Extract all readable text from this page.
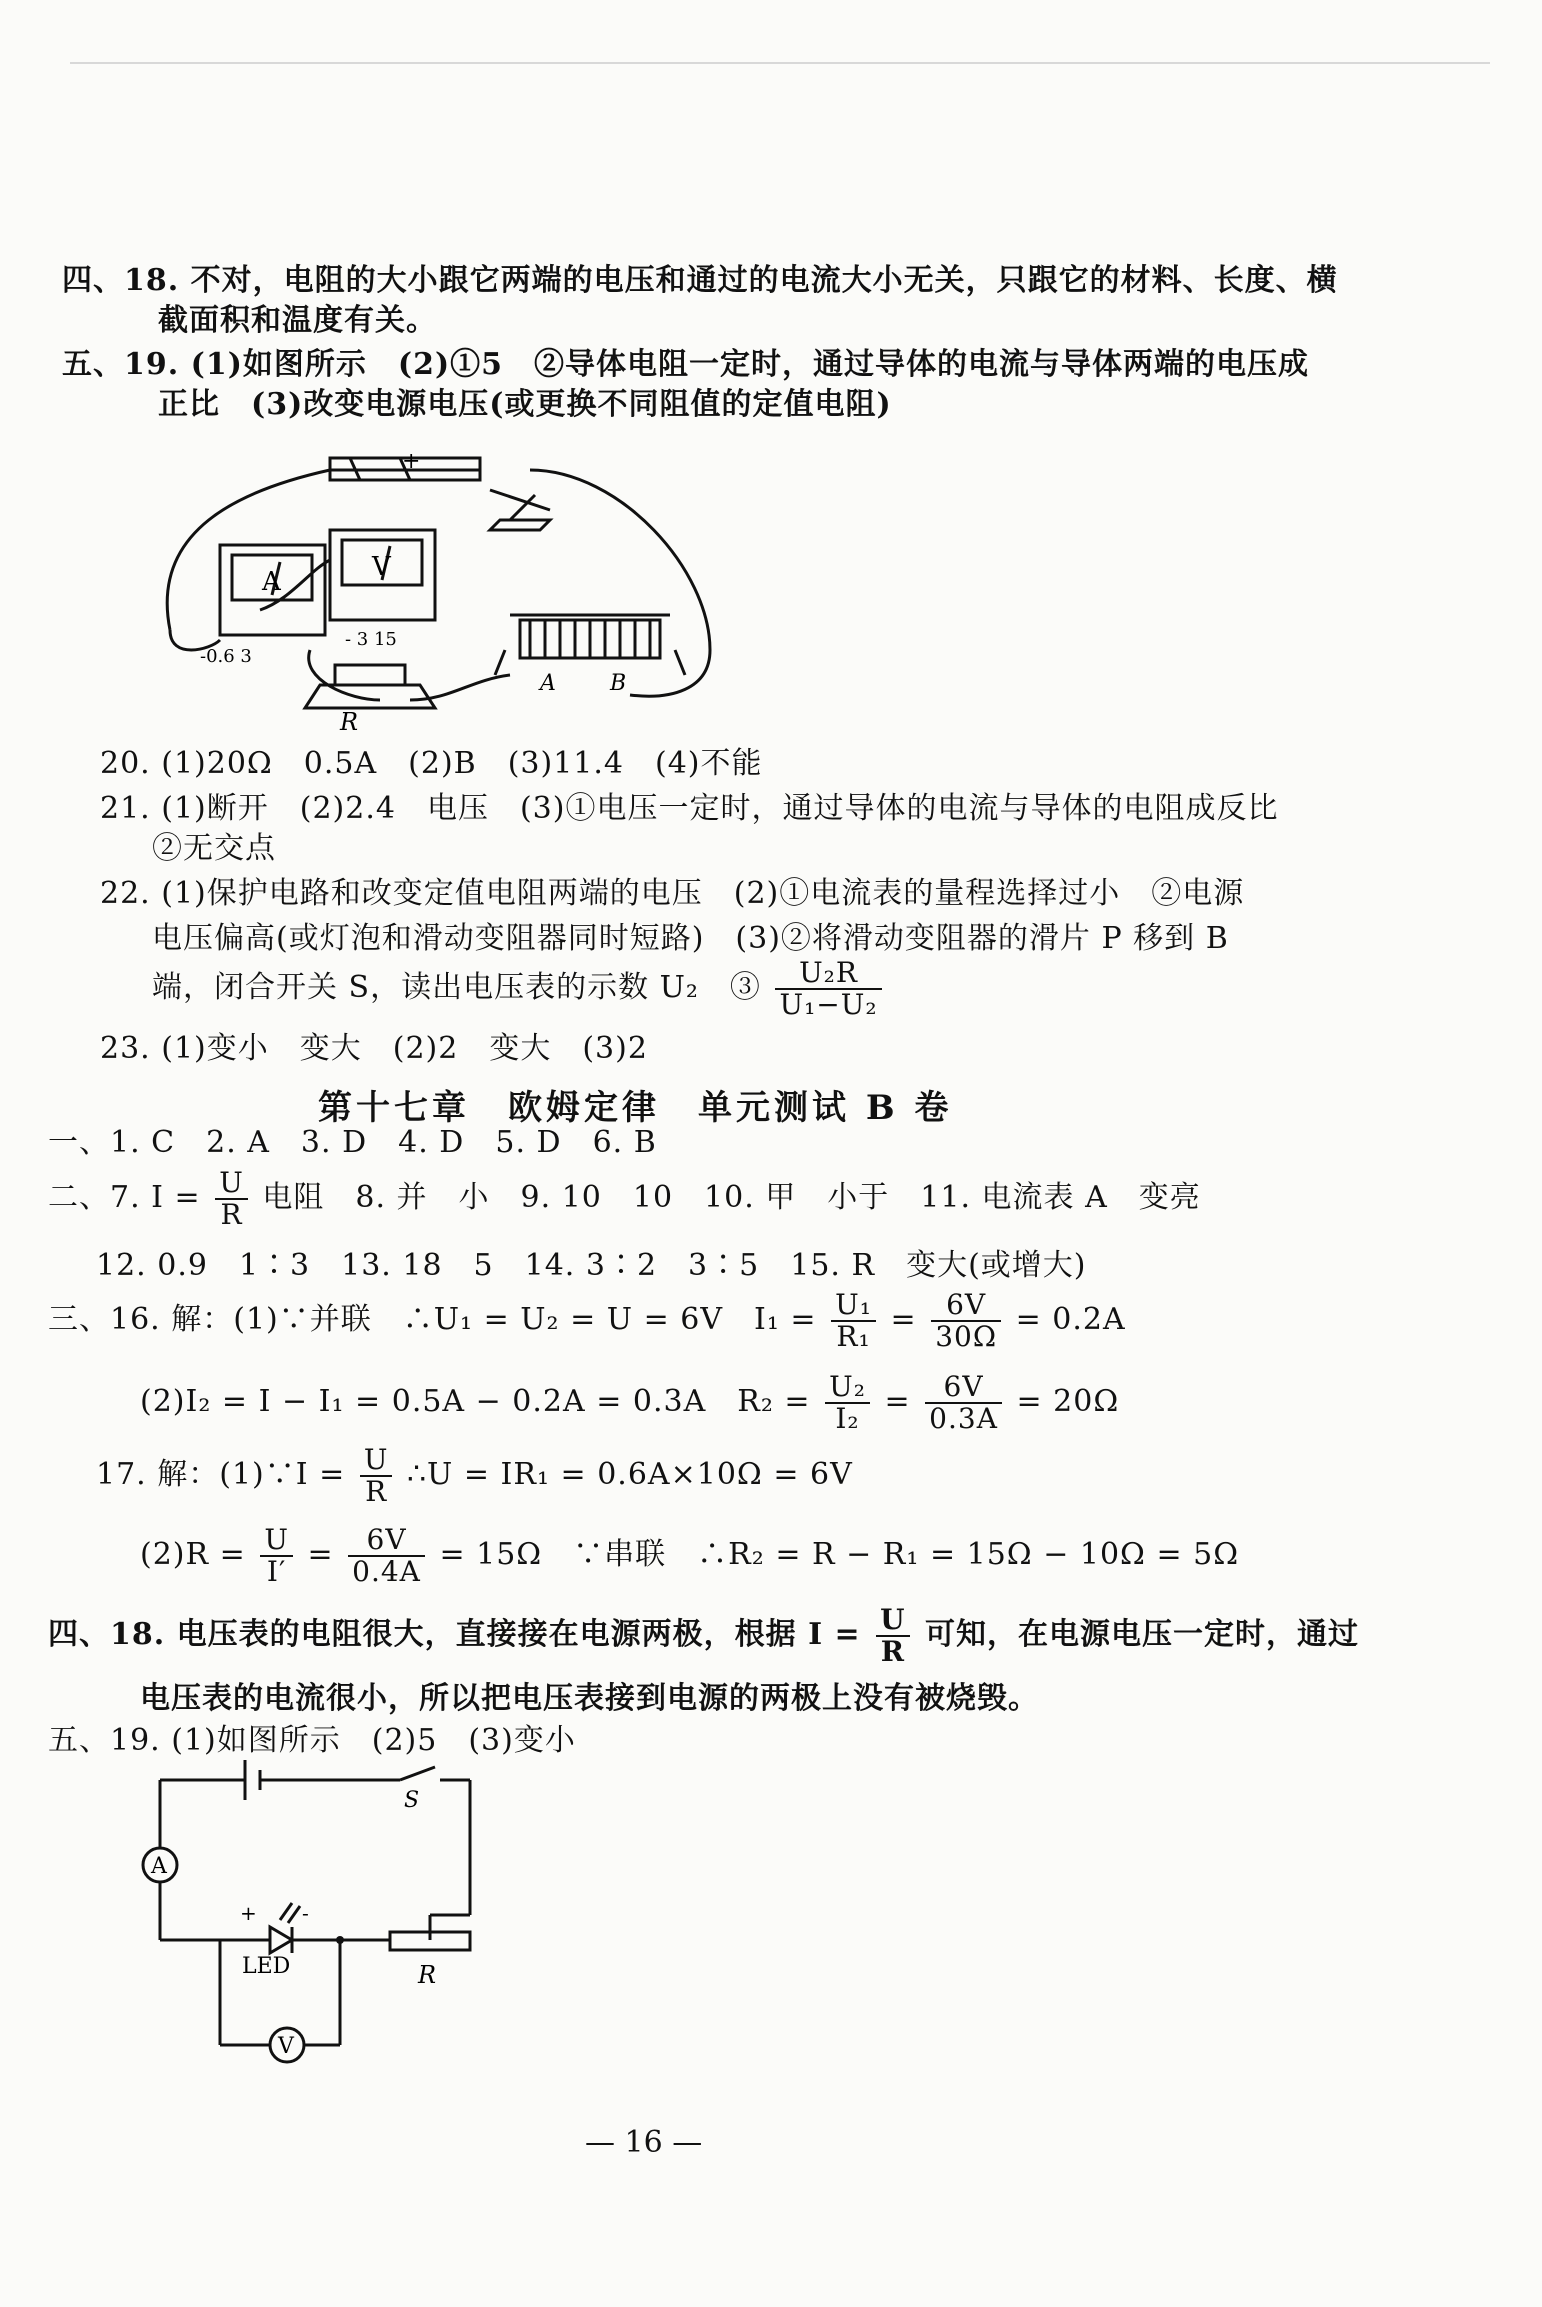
四、18. 不对，电阻的大小跟它两端的电压和通过的电流大小无关，只跟它的材料、长度、横
截面积和温度有关。
五、19. (1)如图所示　(2)①5　②导体电阻一定时，通过导体的电流与导体两端的电压成
正比　(3)改变电源电压(或更换不同阻值的定值电阻)
+
A	V
-0.6 3
- 3 15
R
A B
20. (1)20Ω　0.5A　(2)B　(3)11.4　(4)不能
21. (1)断开　(2)2.4　电压　(3)①电压一定时，通过导体的电流与导体的电阻成反比
②无交点
22. (1)保护电路和改变定值电阻两端的电压　(2)①电流表的量程选择过小　②电源
电压偏高(或灯泡和滑动变阻器同时短路)　(3)②将滑动变阻器的滑片 P 移到 B
端，闭合开关 S，读出电压表的示数 U₂　③ $\frac{\text{U₂R}}{\text{U₁−U₂}}$
23. (1)变小　变大　(2)2　变大　(3)2
第十七章　欧姆定律　单元测试 B 卷
一、1. C　2. A　3. D　4. D　5. D　6. B
二、7. $I = \frac{U}{R}$ 电阻　8. 并　小　9. 10　10　10. 甲　小于　11. 电流表 A　变亮
12. 0.9　1∶3　13. 18　5　14. 3∶2　3∶5　15. R　变大(或增大)
三、16. 解：(1)∵并联　∴U₁ = U₂ = U = 6V　$I_1 = \frac{\text{U₁}}{\text{R₁}} = \frac{6V}{30\Omega} = 0.2A$
(2)I₂ = I − I₁ = 0.5A − 0.2A = 0.3A　$R_2 = \frac{\text{U₂}}{\text{I₂}} = \frac{6V}{0.3A} = 20\Omega$
17. 解：(1)∵I = $\frac{U}{R}$ ∴U = IR₁ = 0.6A×10Ω = 6V
$(2)R = \frac{U}{I'} = \frac{6V}{0.4A} = 15\Omega$　∵串联　∴R₂ = R − R₁ = 15Ω − 10Ω = 5Ω
四、18. 电压表的电阻很大，直接接在电源两极，根据 $I = \frac{U}{R}$ 可知，在电源电压一定时，通过
电压表的电流很小，所以把电压表接到电源的两极上没有被烧毁。
五、19. (1)如图所示　(2)5　(3)变小
S
A
LED
+ -
R
V
— 16 —
